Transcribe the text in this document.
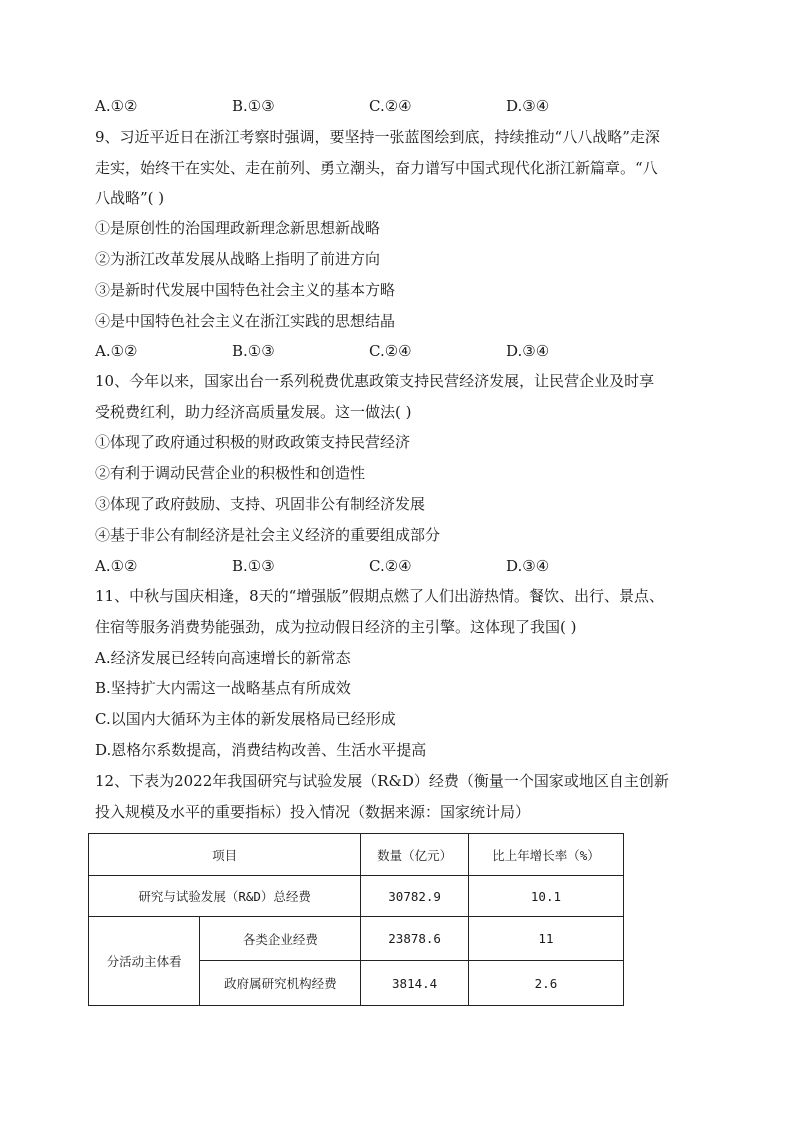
A.①②	B.①③	C.②④	D.③④
9、习近平近日在浙江考察时强调，要坚持一张蓝图绘到底，持续推动“八八战略”走深
走实，始终干在实处、走在前列、勇立潮头，奋力谱写中国式现代化浙江新篇章。“八
八战略”( )
①是原创性的治国理政新理念新思想新战略
②为浙江改革发展从战略上指明了前进方向
③是新时代发展中国特色社会主义的基本方略
④是中国特色社会主义在浙江实践的思想结晶
A.①②	B.①③	C.②④	D.③④
10、今年以来，国家出台一系列税费优惠政策支持民营经济发展，让民营企业及时享
受税费红利，助力经济高质量发展。这一做法( )
①体现了政府通过积极的财政政策支持民营经济
②有利于调动民营企业的积极性和创造性
③体现了政府鼓励、支持、巩固非公有制经济发展
④基于非公有制经济是社会主义经济的重要组成部分
A.①②	B.①③	C.②④	D.③④
11、中秋与国庆相逢，8天的“增强版”假期点燃了人们出游热情。餐饮、出行、景点、
住宿等服务消费势能强劲，成为拉动假日经济的主引擎。这体现了我国( )
A.经济发展已经转向高速增长的新常态
B.坚持扩大内需这一战略基点有所成效
C.以国内大循环为主体的新发展格局已经形成
D.恩格尔系数提高，消费结构改善、生活水平提高
12、下表为2022年我国研究与试验发展（R&D）经费（衡量一个国家或地区自主创新
投入规模及水平的重要指标）投入情况（数据来源：国家统计局）
项目		数量（亿元）	比上年增长率（%）
研究与试验发展（R&D）总经费		30782.9	10.1
分活动主体看	各类企业经费	23878.6	11
	政府属研究机构经费	3814.4	2.6
